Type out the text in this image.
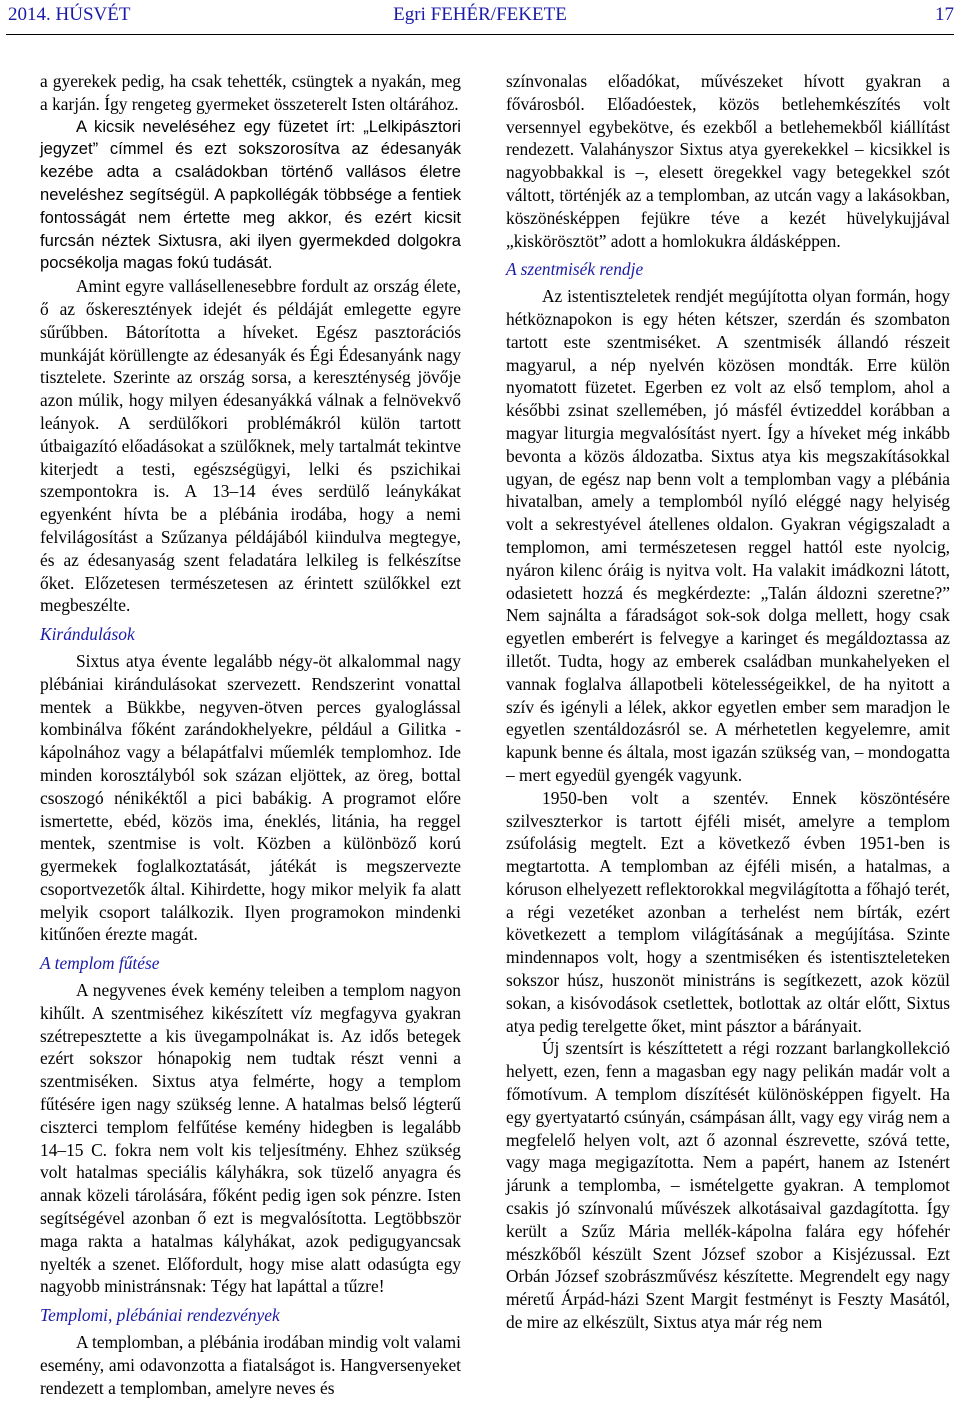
2014. HÚSVÉT	Egri FEHÉR/FEKETE	17

a gyerekek pedig, ha csak tehették, csüngtek a nyakán, meg a karján. Így rengeteg gyermeket összeterelt Isten oltárához.

A kicsik neveléséhez egy füzetet írt: „Lelkipásztori jegyzet” címmel és ezt sokszorosítva az édesanyák kezébe adta a családokban történő vallásos életre neveléshez segítségül. A papkollégák többsége a fentiek fontosságát nem értette meg akkor, és ezért kicsit furcsán néztek Sixtusra, aki ilyen gyermekded dolgokra pocsékolja magas fokú tudását.

Amint egyre vallásellenesebbre fordult az ország élete, ő az őskeresztények idejét és példáját emlegette egyre sűrűbben. Bátorította a híveket. Egész pasztorációs munkáját körüllengte az édesanyák és Égi Édesanyánk nagy tisztelete. Szerinte az ország sorsa, a kereszténység jövője azon múlik, hogy milyen édesanyákká válnak a felnövekvő leányok. A serdülőkori problémákról külön tartott útbaigazító előadásokat a szülőknek, mely tartalmát tekintve kiterjedt a testi, egészségügyi, lelki és pszichikai szempontokra is. A 13–14 éves serdülő leánykákat egyenként hívta be a plébánia irodába, hogy a nemi felvilágosítást a Szűzanya példájából kiindulva megtegye, és az édesanyaság szent feladatára lelkileg is felkészítse őket. Előzetesen természetesen az érintett szülőkkel ezt megbeszélte.

Kirándulások

Sixtus atya évente legalább négy-öt alkalommal nagy plébániai kirándulásokat szervezett. Rendszerint vonattal mentek a Bükkbe, negyven-ötven perces gyaloglással kombinálva főként zarándokhelyekre, például a Gilitka - kápolnához vagy a bélapátfalvi műemlék templomhoz. Ide minden korosztályból sok százan eljöttek, az öreg, bottal csoszogó nénikéktől a pici babákig. A programot előre ismertette, ebéd, közös ima, éneklés, litánia, ha reggel mentek, szentmise is volt. Közben a különböző korú gyermekek foglalkoztatását, játékát is megszervezte csoportvezetők által. Kihirdette, hogy mikor melyik fa alatt melyik csoport találkozik. Ilyen programokon mindenki kitűnően érezte magát.

A templom fűtése

A negyvenes évek kemény teleiben a templom nagyon kihűlt. A szentmiséhez kikészített víz megfagyva gyakran szétrepesztette a kis üvegampolnákat is. Az idős betegek ezért sokszor hónapokig nem tudtak részt venni a szentmiséken. Sixtus atya felmérte, hogy a templom fűtésére igen nagy szükség lenne. A hatalmas belső légterű ciszterci templom felfűtése kemény hidegben is legalább 14–15 C. fokra nem volt kis teljesítmény. Ehhez szükség volt hatalmas speciális kályhákra, sok tüzelő anyagra és annak közeli tárolására, főként pedig igen sok pénzre. Isten segítségével azonban ő ezt is megvalósította. Legtöbbször maga rakta a hatalmas kályhákat, azok pedigugyancsak nyelték a szenet. Előfordult, hogy mise alatt odasúgta egy nagyobb ministránsnak: Tégy hat lapáttal a tűzre!

Templomi, plébániai rendezvények

A templomban, a plébánia irodában mindig volt valami esemény, ami odavonzotta a fiatalságot is. Hangversenyeket rendezett a templomban, amelyre neves és

színvonalas előadókat, művészeket hívott gyakran a fővárosból. Előadóestek, közös betlehemkészítés volt versennyel egybekötve, és ezekből a betlehemekből kiállítást rendezett. Valahányszor Sixtus atya gyerekekkel – kicsikkel is nagyobbakkal is –, elesett öregekkel vagy betegekkel szót váltott, történjék az a templomban, az utcán vagy a lakásokban, köszönésképpen fejükre téve a kezét hüvelykujjával „kiskörösztöt” adott a homlokukra áldásképpen.

A szentmisék rendje

Az istentiszteletek rendjét megújította olyan formán, hogy hétköznapokon is egy héten kétszer, szerdán és szombaton tartott este szentmiséket. A szentmisék állandó részeit magyarul, a nép nyelvén közösen mondták. Erre külön nyomatott füzetet. Egerben ez volt az első templom, ahol a későbbi zsinat szellemében, jó másfél évtizeddel korábban a magyar liturgia megvalósítást nyert. Így a híveket még inkább bevonta a közös áldozatba. Sixtus atya kis megszakításokkal ugyan, de egész nap benn volt a templomban vagy a plébánia hivatalban, amely a templomból nyíló eléggé nagy helyiség volt a sekrestyével átellenes oldalon. Gyakran végigszaladt a templomon, ami természetesen reggel hattól este nyolcig, nyáron kilenc óráig is nyitva volt. Ha valakit imádkozni látott, odasietett hozzá és megkérdezte: „Talán áldozni szeretne?” Nem sajnálta a fáradságot sok-sok dolga mellett, hogy csak egyetlen emberért is felvegye a karinget és megáldoztassa az illetőt. Tudta, hogy az emberek családban munkahelyeken el vannak foglalva állapotbeli kötelességeikkel, de ha nyitott a szív és igényli a lélek, akkor egyetlen ember sem maradjon le egyetlen szentáldozásról se. A mérhetetlen kegyelemre, amit kapunk benne és általa, most igazán szükség van, – mondogatta – mert egyedül gyengék vagyunk.

1950-ben volt a szentév. Ennek köszöntésére szilveszterkor is tartott éjféli misét, amelyre a templom zsúfolásig megtelt. Ezt a következő évben 1951-ben is megtartotta. A templomban az éjféli misén, a hatalmas, a kóruson elhelyezett reflektorokkal megvilágította a főhajó terét, a régi vezetéket azonban a terhelést nem bírták, ezért következett a templom világításának a megújítása. Szinte mindennapos volt, hogy a szentmiséken és istentiszteleteken sokszor húsz, huszonöt ministráns is segítkezett, azok közül sokan, a kisóvodások csetlettek, botlottak az oltár előtt, Sixtus atya pedig terelgette őket, mint pásztor a bárányait.

Új szentsírt is készíttetett a régi rozzant barlangkollekció helyett, ezen, fenn a magasban egy nagy pelikán madár volt a főmotívum. A templom díszítését különösképpen figyelt. Ha egy gyertyatartó csúnyán, csámpásan állt, vagy egy virág nem a megfelelő helyen volt, azt ő azonnal észrevette, szóvá tette, vagy maga megigazította. Nem a papért, hanem az Istenért járunk a templomba, – ismételgette gyakran. A templomot csakis jó színvonalú művészek alkotásaival gazdagította. Így került a Szűz Mária mellék-kápolna falára egy hófehér mészkőből készült Szent József szobor a Kisjézussal. Ezt Orbán József szobrászművész készítette. Megrendelt egy nagy méretű Árpád-házi Szent Margit festményt is Feszty Masától, de mire az elkészült, Sixtus atya már rég nem
